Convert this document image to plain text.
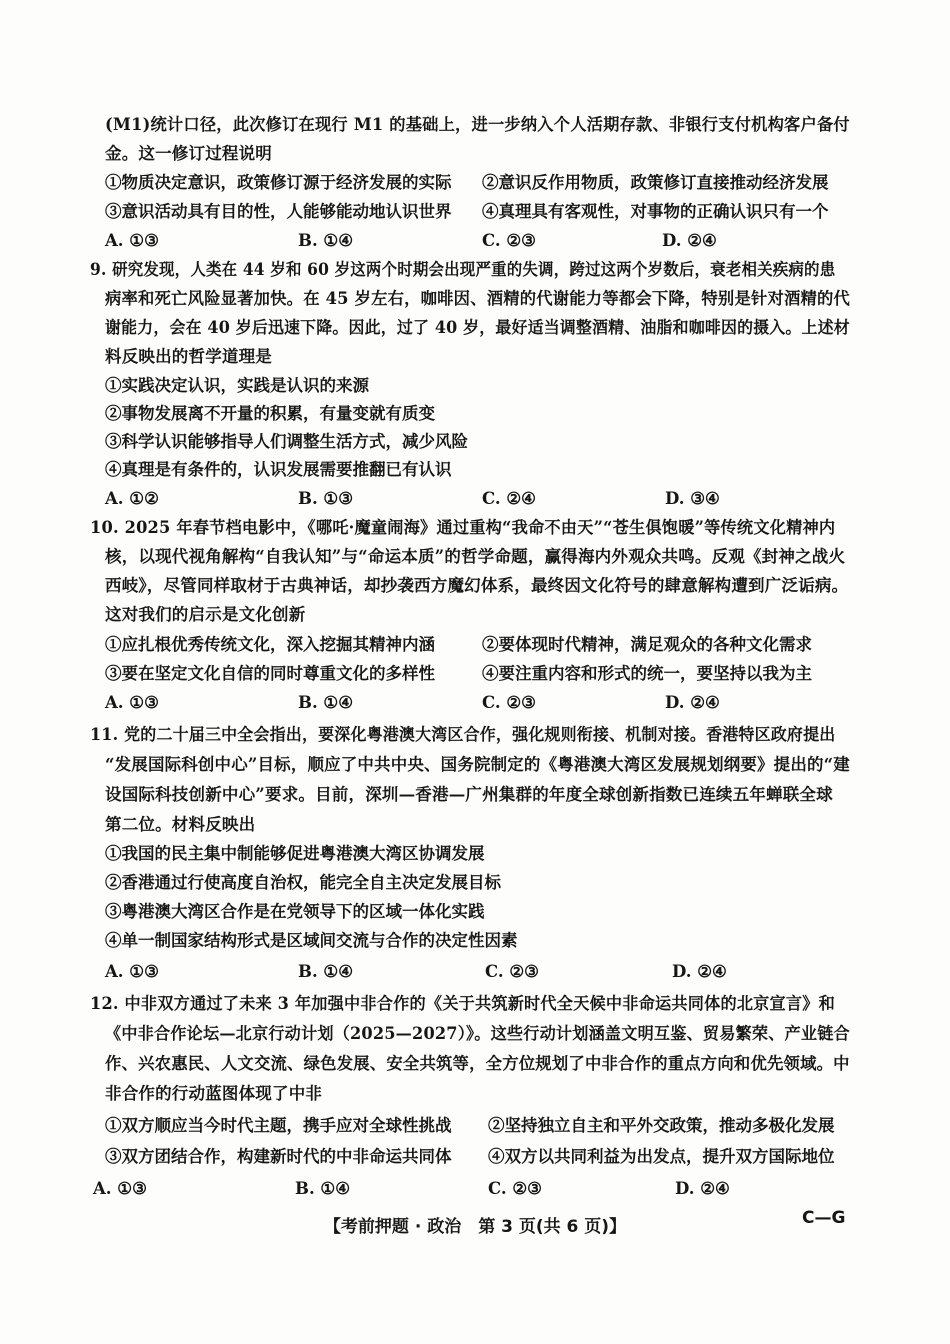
(M1)统计口径，此次修订在现行 M1 的基础上，进一步纳入个人活期存款、非银行支付机构客户备付
金。这一修订过程说明
①物质决定意识，政策修订源于经济发展的实际 ②意识反作用物质，政策修订直接推动经济发展
③意识活动具有目的性，人能够能动地认识世界 ④真理具有客观性，对事物的正确认识只有一个
A. ①③	B. ①④	C. ②③	D. ②④
9. 研究发现，人类在 44 岁和 60 岁这两个时期会出现严重的失调，跨过这两个岁数后，衰老相关疾病的患
病率和死亡风险显著加快。在 45 岁左右，咖啡因、酒精的代谢能力等都会下降，特别是针对酒精的代
谢能力，会在 40 岁后迅速下降。因此，过了 40 岁，最好适当调整酒精、油脂和咖啡因的摄入。上述材
料反映出的哲学道理是
①实践决定认识，实践是认识的来源
②事物发展离不开量的积累，有量变就有质变
③科学认识能够指导人们调整生活方式，减少风险
④真理是有条件的，认识发展需要推翻已有认识
A. ①②	B. ①③	C. ②④	D. ③④
10. 2025 年春节档电影中，《哪吒·魔童闹海》通过重构“我命不由天”“苍生俱饱暖”等传统文化精神内
核，以现代视角解构“自我认知”与“命运本质”的哲学命题，赢得海内外观众共鸣。反观《封神之战火
西岐》，尽管同样取材于古典神话，却抄袭西方魔幻体系，最终因文化符号的肆意解构遭到广泛诟病。
这对我们的启示是文化创新
①应扎根优秀传统文化，深入挖掘其精神内涵	②要体现时代精神，满足观众的各种文化需求
③要在坚定文化自信的同时尊重文化的多样性	④要注重内容和形式的统一，要坚持以我为主
A. ①③	B. ①④	C. ②③	D. ②④
11. 党的二十届三中全会指出，要深化粤港澳大湾区合作，强化规则衔接、机制对接。香港特区政府提出
“发展国际科创中心”目标，顺应了中共中央、国务院制定的《粤港澳大湾区发展规划纲要》提出的“建
设国际科技创新中心”要求。目前，深圳—香港—广州集群的年度全球创新指数已连续五年蝉联全球
第二位。材料反映出
①我国的民主集中制能够促进粤港澳大湾区协调发展
②香港通过行使高度自治权，能完全自主决定发展目标
③粤港澳大湾区合作是在党领导下的区域一体化实践
④单一制国家结构形式是区域间交流与合作的决定性因素
A. ①③	B. ①④	C. ②③	D. ②④
12. 中非双方通过了未来 3 年加强中非合作的《关于共筑新时代全天候中非命运共同体的北京宣言》和
《中非合作论坛—北京行动计划（2025—2027）》。这些行动计划涵盖文明互鉴、贸易繁荣、产业链合
作、兴农惠民、人文交流、绿色发展、安全共筑等，全方位规划了中非合作的重点方向和优先领域。中
非合作的行动蓝图体现了中非
①双方顺应当今时代主题，携手应对全球性挑战 ②坚持独立自主和平外交政策，推动多极化发展
③双方团结合作，构建新时代的中非命运共同体 ④双方以共同利益为出发点，提升双方国际地位
A. ①③	B. ①④	C. ②③	D. ②④
【考前押题 · 政治　第 3 页(共 6 页)】	C—G
